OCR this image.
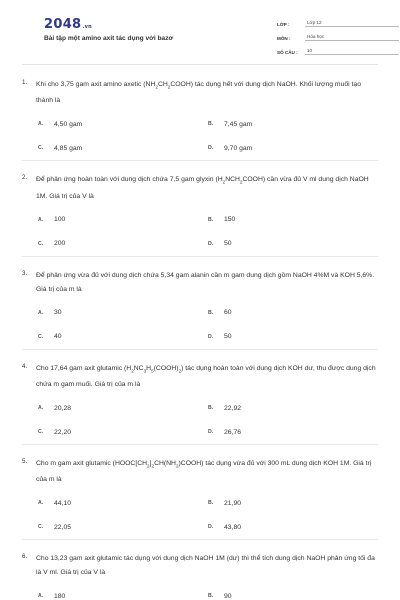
2048.vn
Bài tập một amino axit tác dụng với bazơ
LỚP :	Lớp 12
MÔN :	Hóa học
SỐ CÂU :	10
1.	Khi cho 3,75 gam axit amino axetic $(NH_2CH_2COOH)$ tác dụng hết với dung dịch NaOH. Khối lượng muối tạo thành là
A.	4,50 gam	B.	7,45 gam
C.	4,85 gam	D.	9,70 gam
2.	Để phản ứng hoàn toàn với dung dịch chứa 7,5 gam glyxin $(H_2NCH_2COOH)$ cần vừa đủ V ml dung dịch NaOH 1M. Giá trị của V là
A.	100	B.	150
C.	200	D.	50
3.	Để phản ứng vừa đủ với dung dịch chứa 5,34 gam alanin cần m gam dung dịch gồm NaOH 4%M và KOH 5,6%. Giá trị của m là
A.	30	B.	60
C.	40	D.	50
4.	Cho 17,64 gam axit glutamic $(H_2NC_3H_5(COOH)_2)$ tác dụng hoàn toàn với dung dịch KOH dư, thu được dung dịch chứa m gam muối. Giá trị của m là
A.	20,28	B.	22,92
C.	22,20	D.	26,76
5.	Cho m gam axit glutamic $(HOOC[CH_2]_2CH(NH_2)COOH)$ tác dụng vừa đủ với 300 mL dung dịch KOH 1M. Giá trị của m là
A.	44,10	B.	21,90
C.	22,05	D.	43,80
6.	Cho 13,23 gam axit glutamic tác dụng với dung dịch NaOH 1M (dư) thì thể tích dung dịch NaOH phản ứng tối đa là V ml. Giá trị của V là
A.	180	B.	90
